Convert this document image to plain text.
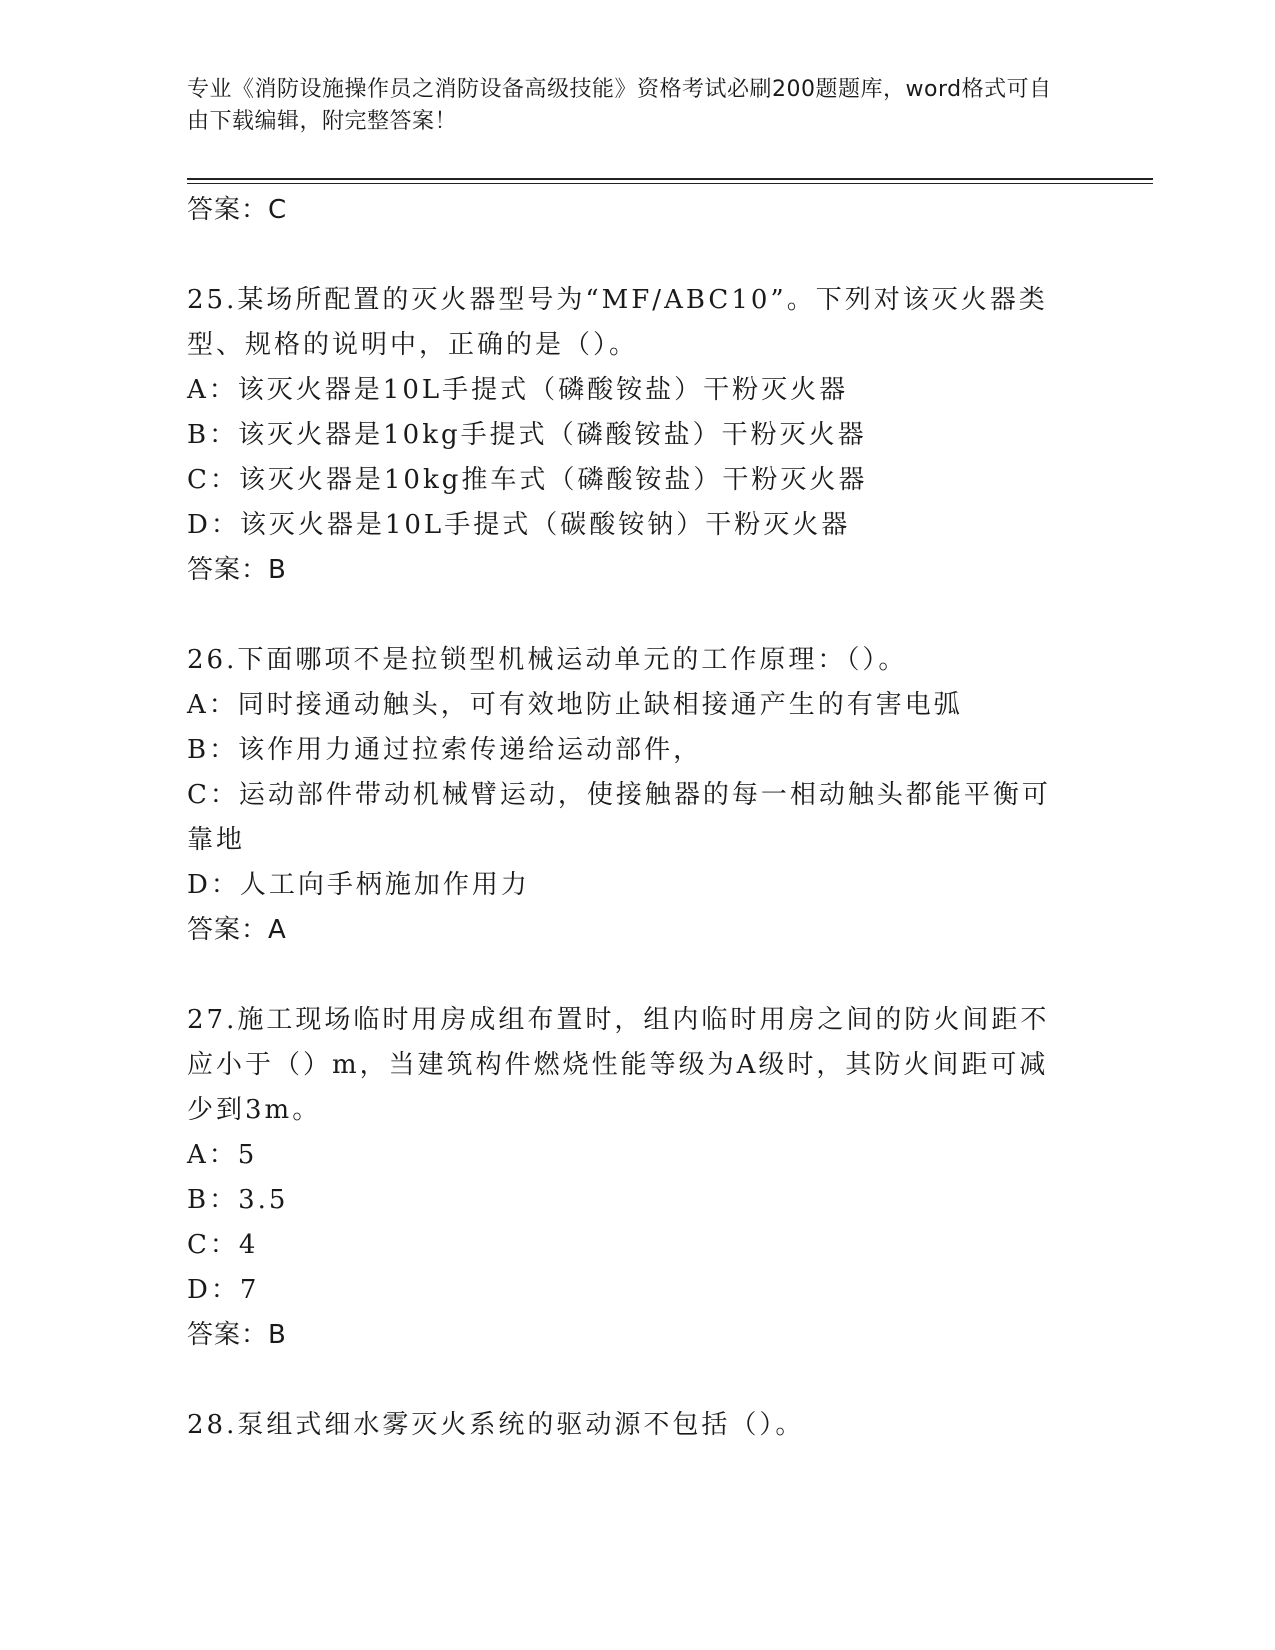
专业《消防设施操作员之消防设备高级技能》资格考试必刷200题题库，word格式可自由下载编辑，附完整答案！

答案：C

25.某场所配置的灭火器型号为“MF/ABC10”。下列对该灭火器类型、规格的说明中，正确的是（）。

A：该灭火器是10L手提式（磷酸铵盐）干粉灭火器

B：该灭火器是10kg手提式（磷酸铵盐）干粉灭火器

C：该灭火器是10kg推车式（磷酸铵盐）干粉灭火器

D：该灭火器是10L手提式（碳酸铵钠）干粉灭火器

答案：B

26.下面哪项不是拉锁型机械运动单元的工作原理：（）。

A：同时接通动触头，可有效地防止缺相接通产生的有害电弧

B：该作用力通过拉索传递给运动部件，

C：运动部件带动机械臂运动，使接触器的每一相动触头都能平衡可靠地

D：人工向手柄施加作用力

答案：A

27.施工现场临时用房成组布置时，组内临时用房之间的防火间距不应小于（）m，当建筑构件燃烧性能等级为A级时，其防火间距可减少到3m。

A：5

B：3.5

C：4

D：7

答案：B

28.泵组式细水雾灭火系统的驱动源不包括（）。
